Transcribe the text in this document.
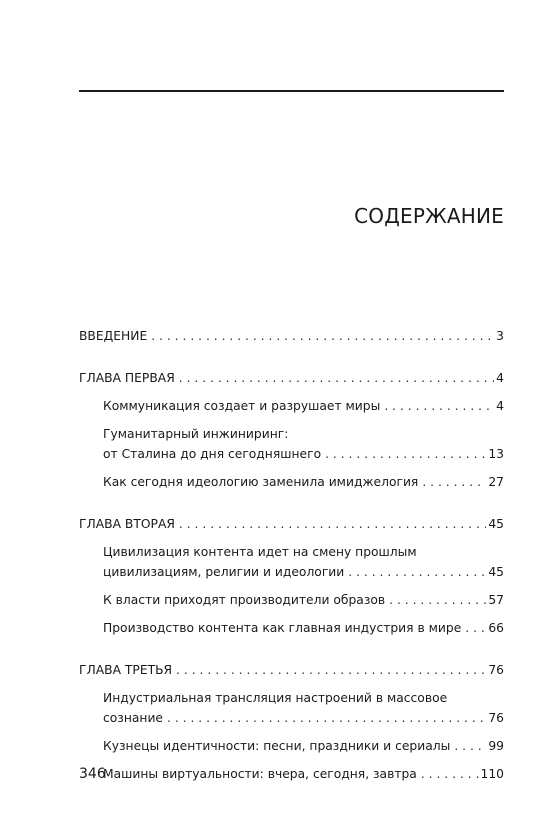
СОДЕРЖАНИЕ
ВВЕДЕНИЕ . . .	3
ГЛАВА ПЕРВАЯ . . .	4
Коммуникация создает и разрушает миры . . .	4
Гуманитарный инжиниринг:
от Сталина до дня сегодняшнего . . .	13
Как сегодня идеологию заменила имиджелогия . . .	27
ГЛАВА ВТОРАЯ . . .	45
Цивилизация контента идет на смену прошлым
цивилизациям, религии и идеологии . . .	45
К власти приходят производители образов . . .	57
Производство контента как главная индустрия в мире . . . 66
ГЛАВА ТРЕТЬЯ . . .	76
Индустриальная трансляция настроений в массовое
сознание . . .	76
Кузнецы идентичности: песни, праздники и сериалы . . .	99
Машины виртуальности: вчера, сегодня, завтра . . .	110
346
